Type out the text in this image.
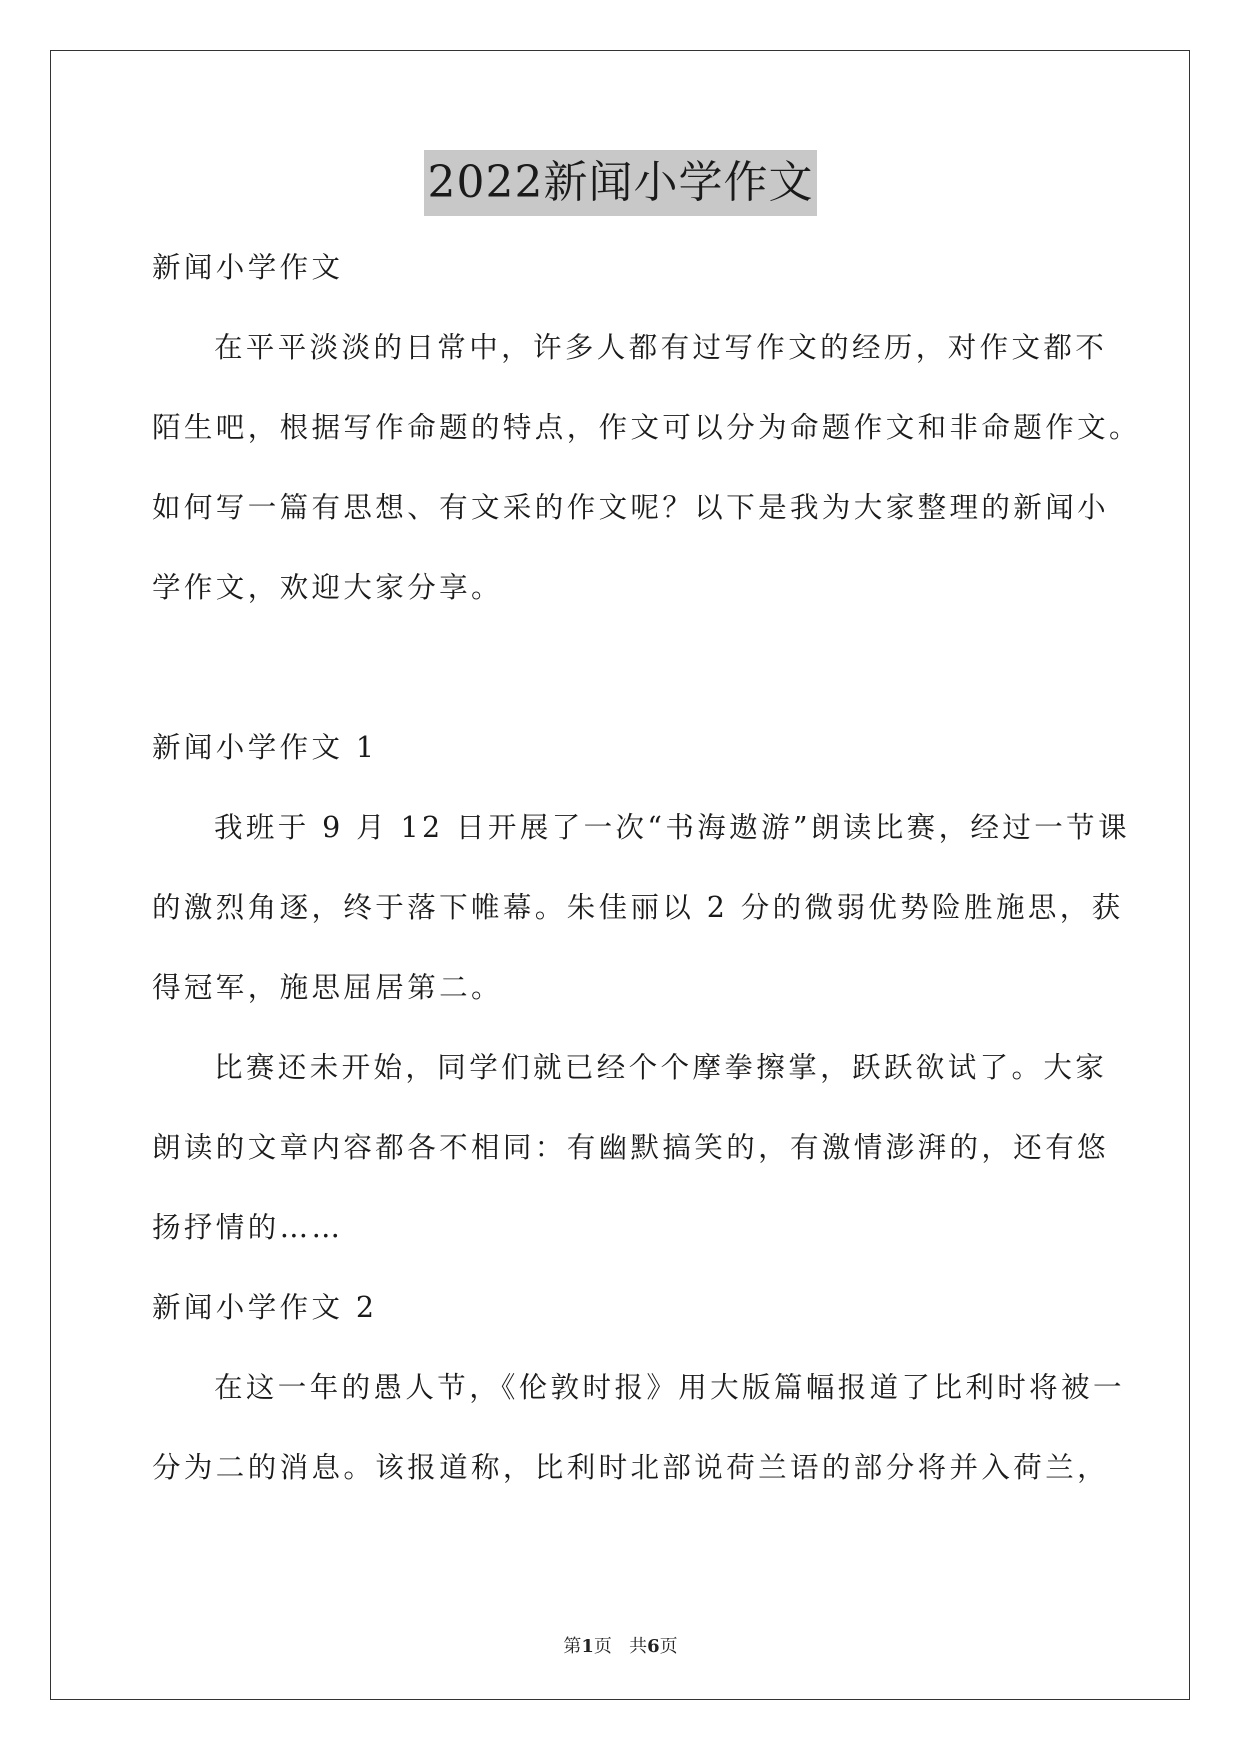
2022新闻小学作文
新闻小学作文
在平平淡淡的日常中，许多人都有过写作文的经历，对作文都不
陌生吧，根据写作命题的特点，作文可以分为命题作文和非命题作文。
如何写一篇有思想、有文采的作文呢？以下是我为大家整理的新闻小
学作文，欢迎大家分享。
新闻小学作文 1
我班于 9 月 12 日开展了一次“书海遨游”朗读比赛，经过一节课
的激烈角逐，终于落下帷幕。朱佳丽以 2 分的微弱优势险胜施思，获
得冠军，施思屈居第二。
比赛还未开始，同学们就已经个个摩拳擦掌，跃跃欲试了。大家
朗读的文章内容都各不相同：有幽默搞笑的，有激情澎湃的，还有悠
扬抒情的……
新闻小学作文 2
在这一年的愚人节，《伦敦时报》用大版篇幅报道了比利时将被一
分为二的消息。该报道称，比利时北部说荷兰语的部分将并入荷兰，
第1页 共6页
